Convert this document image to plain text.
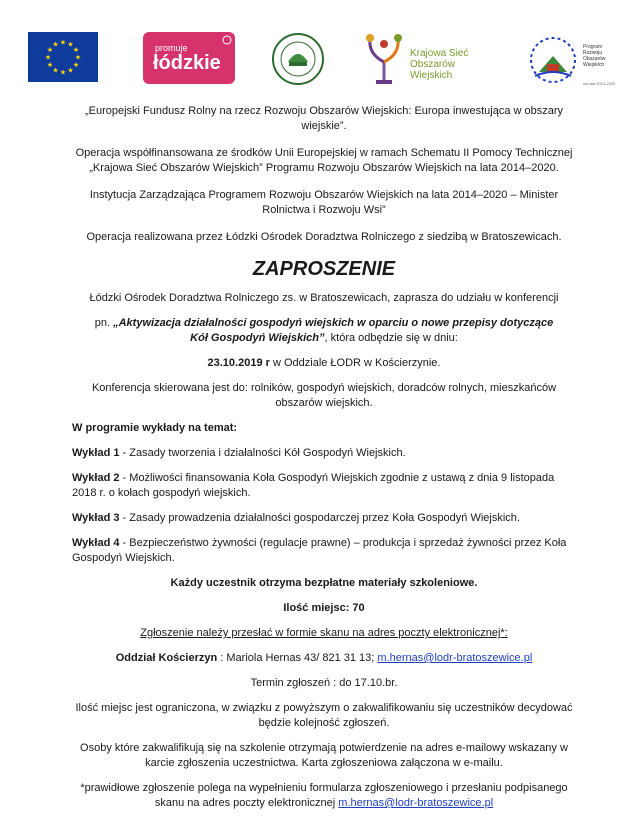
★
★
★
★
★
★
★
★
★ ★ ★
★	promuje
łódzkie	Krajowa Sieć
Obszarów Wiejskich
Program
Rozwoju
Obszarów
Wiejskich
na lata 2014-2020

„Europejski Fundusz Rolny na rzecz Rozwoju Obszarów Wiejskich: Europa inwestująca w obszary wiejskie”.

Operacja współfinansowana ze środków Unii Europejskiej w ramach Schematu II Pomocy Technicznej
„Krajowa Sieć Obszarów Wiejskich” Programu Rozwoju Obszarów Wiejskich na lata 2014–2020.

Instytucja Zarządzająca Programem Rozwoju Obszarów Wiejskich na lata 2014–2020 – Minister
Rolnictwa i Rozwoju Wsi”

Operacja realizowana przez Łódzki Ośrodek Doradztwa Rolniczego z siedzibą w Bratoszewicach.

ZAPROSZENIE

Łódzki Ośrodek Doradztwa Rolniczego zs. w Bratoszewicach, zaprasza do udziału w konferencji

pn. „Aktywizacja działalności gospodyń wiejskich w oparciu o nowe przepisy dotyczące
Kół Gospodyń Wiejskich”, która odbędzie się w dniu:

23.10.2019 r w Oddziale ŁODR w Kościerzynie.

Konferencja skierowana jest do: rolników, gospodyń wiejskich, doradców rolnych, mieszkańców
obszarów wiejskich.

W programie wykłady na temat:

Wykład 1 - Zasady tworzenia i działalności Kół Gospodyń Wiejskich.

Wykład 2 - Możliwości finansowania Koła Gospodyń Wiejskich zgodnie z ustawą z dnia 9 listopada 2018 r. o kołach gospodyń wiejskich.

Wykład 3 - Zasady prowadzenia działalności gospodarczej przez Koła Gospodyń Wiejskich.

Wykład 4 - Bezpieczeństwo żywności (regulacje prawne) – produkcja i sprzedaż żywności przez Koła Gospodyń Wiejskich.

Każdy uczestnik otrzyma bezpłatne materiały szkoleniowe.

Ilość miejsc: 70

Zgłoszenie należy przesłać w formie skanu na adres poczty elektronicznej*:

Oddział Kościerzyn : Mariola Hernas 43/ 821 31 13; m.hernas@lodr-bratoszewice.pl

Termin zgłoszeń : do 17.10.br.

Ilość miejsc jest ograniczona, w związku z powyższym o zakwalifikowaniu się uczestników decydować
będzie kolejność zgłoszeń.

Osoby które zakwalifikują się na szkolenie otrzymają potwierdzenie na adres e-mailowy wskazany w
karcie zgłoszenia uczestnictwa. Karta zgłoszeniowa załączona w e-mailu.

*prawidłowe zgłoszenie polega na wypełnieniu formularza zgłoszeniowego i przesłaniu podpisanego
skanu na adres poczty elektronicznej m.hernas@lodr-bratoszewice.pl
